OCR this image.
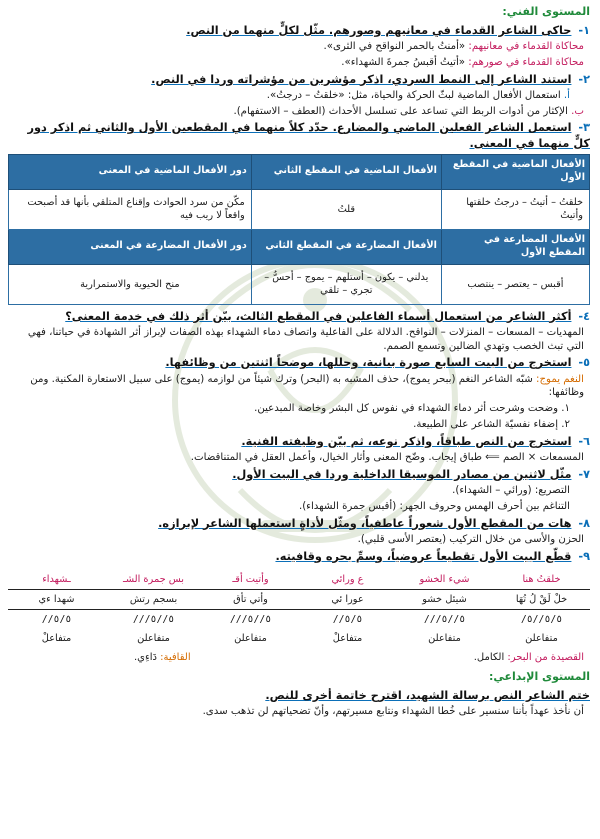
المستوى الفني:
١- حاكى الشاعر القدماء في معانيهم وصورهم. مثّل لكلٍّ منهما من النص.
محاكاة القدماء في معانيهم: «أمنتُ بالحمر النواقح في الثرى».
محاكاة القدماء في صورهم: «أتيتُ أقبسُ جمرةَ الشهداء».
٢- استند الشاعر إلى النمط السردي، اذكر مؤشرين من مؤشراته وردا في النص.
أ. استعمال الأفعال الماضية لبثّ الحركة والحياة، مثل: «خلقتُ – درجتُ».
ب. الإكثار من أدوات الربط التي تساعد على تسلسل الأحداث (العطف – الاستفهام).
٣- استعمل الشاعر الفعلين الماضي والمضارع. حدّد كلاً منهما في المقطعين الأول والثاني ثم اذكر دور كلٍّ منهما في المعنى.
الأفعال الماضية في المقطع الأول	الأفعال الماضية في المقطع الثاني	دور الأفعال الماضية في المعنى
خلقتُ – أتيتُ – درجتُ خلقتها وأتيتُ	قلتُ	مكّن من سرد الحوادث وإقناع المتلقي بأنها قد أصبحت واقعاً لا ريب فيه
الأفعال المضارعة في المقطع الأول	الأفعال المضارعة في المقطع الثاني	دور الأفعال المضارعة في المعنى
أقبس – يعتصر – ينتصب	يدلني – يكون – أستلهم – يموج – أحسُّ – تجري – تلقي	منح الحيوية والاستمرارية
٤- أكثر الشاعر من استعمال أسماء الفاعلين في المقطع الثالث، بيّن أثر ذلك في خدمة المعنى؟
المهديات – المسعات – المنزلات – النواقح. الدلالة على الفاعلية واتصاف دماء الشهداء بهذه الصفات لإبراز أثر الشهادة في حياتنا، فهي التي تبث الخصب وتهدي الضالين وتسمع الصمم.
٥- استخرج من البيت السابع صورة بيانية، وحللها، موضحاً اثنتين من وظائفها.
النغم يموج: شبّه الشاعر النغم (ببحر يموج)، حذف المشبه به (البحر) وترك شيئاً من لوازمه (يموج) على سبيل الاستعارة المكنية. ومن وظائفها:
١. وضحت وشرحت أثر دماء الشهداء في نفوس كل البشر وخاصة المبدعين.
٢. إضفاء نفسيّة الشاعر على الطبيعة.
٦- استخرج من النص طباقاً، واذكر نوعه، ثم بيّن وظيفته الفنية.
المسمعات × الصم ⟸ طباق إيجاب. وضّح المعنى وأثار الخيال، وأعمل العقل في المتناقضات.
٧- مثّل لاثنين من مصادر الموسيقا الداخلية وردا في البيت الأول.
التصريع: (ورائي – الشهداء).
التناغم بين أحرف الهمس وحروف الجهر: (أقبس جمرة الشهداء).
٨- هات من المقطع الأول شعوراً عاطفياً، ومثّل لأداةٍ استعملها الشاعر لإبرازه.
الحزن والأسى من خلال التركيب (يعتصر الأسى قلبي).
٩- قطّع البيت الأول تقطيعاً عروضياً، وسمِّ بحره وقافيته.
خلقتُ هنا	شيء الخشو	ع ورائي	وأتيت أقـ	بس جمرة الشـ	ـشهداء
خلْ لَقْ لُ تُهَا	شيئل خشو	عورا ئي	وأتي تأق	بسجم رتش	شهدا ءي
٥/٥//٥/	٥//٥///	٥/٥//	٥//٥///	٥//٥///	٥/٥//
متفاعلن	متفاعلن	متفاعلْ	متفاعلن	متفاعلن	متفاعلْ
القصيدة من البحر: الكامل.
القافية: دَاءِي.
المستوى الإبداعي:
ختم الشاعر النص برسالة الشهيد، اقترح خاتمة أخرى للنص.
أن نأخذ عهداً بأننا سنسير على خُطا الشهداء ونتابع مسيرتهم، وأنّ تضحياتهم لن تذهب سدى.
